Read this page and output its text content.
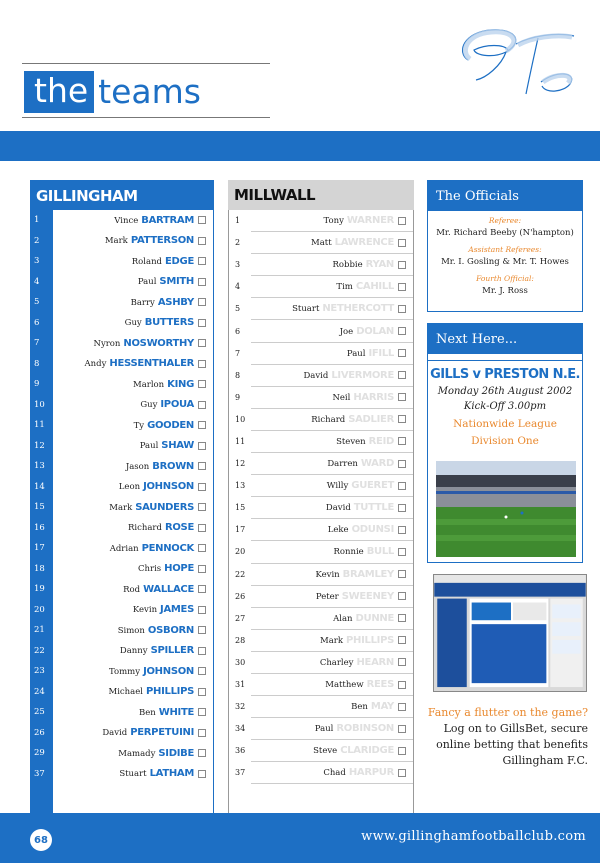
the teams
gfc
GILLINGHAM
1	Vince BARTRAM
2	Mark PATTERSON
3	Roland EDGE
4	Paul SMITH
5	Barry ASHBY
6	Guy BUTTERS
7	Nyron NOSWORTHY
8	Andy HESSENTHALER
9	Marlon KING
10	Guy IPOUA
11	Ty GOODEN
12	Paul SHAW
13	Jason BROWN
14	Leon JOHNSON
15	Mark SAUNDERS
16	Richard ROSE
17	Adrian PENNOCK
18	Chris HOPE
19	Rod WALLACE
20	Kevin JAMES
21	Simon OSBORN
22	Danny SPILLER
23	Tommy JOHNSON
24	Michael PHILLIPS
25	Ben WHITE
26	David PERPETUINI
29	Mamady SIDIBE
37	Stuart LATHAM
MILLWALL
1	Tony WARNER
2	Matt LAWRENCE
3	Robbie RYAN
4	Tim CAHILL
5	Stuart NETHERCOTT
6	Joe DOLAN
7	Paul IFILL
8	David LIVERMORE
9	Neil HARRIS
10	Richard SADLIER
11	Steven REID
12	Darren WARD
13	Willy GUERET
15	David TUTTLE
17	Leke ODUNSI
20	Ronnie BULL
22	Kevin BRAMLEY
26	Peter SWEENEY
27	Alan DUNNE
28	Mark PHILLIPS
30	Charley HEARN
31	Matthew REES
32	Ben MAY
34	Paul ROBINSON
36	Steve CLARIDGE
37	Chad HARPUR
The Officials
Referee:
Mr. Richard Beeby (N'hampton)
Assistant Referees:
Mr. I. Gosling & Mr. T. Howes
Fourth Official:
Mr. J. Ross
Next Here...
GILLS v PRESTON N.E.
Monday 26th August 2002
Kick-Off 3.00pm
Nationwide League
Division One
Fancy a flutter on the game? Log on to GillsBet, secure online betting that benefits Gillingham F.C.
68	www.gillinghamfootballclub.com
